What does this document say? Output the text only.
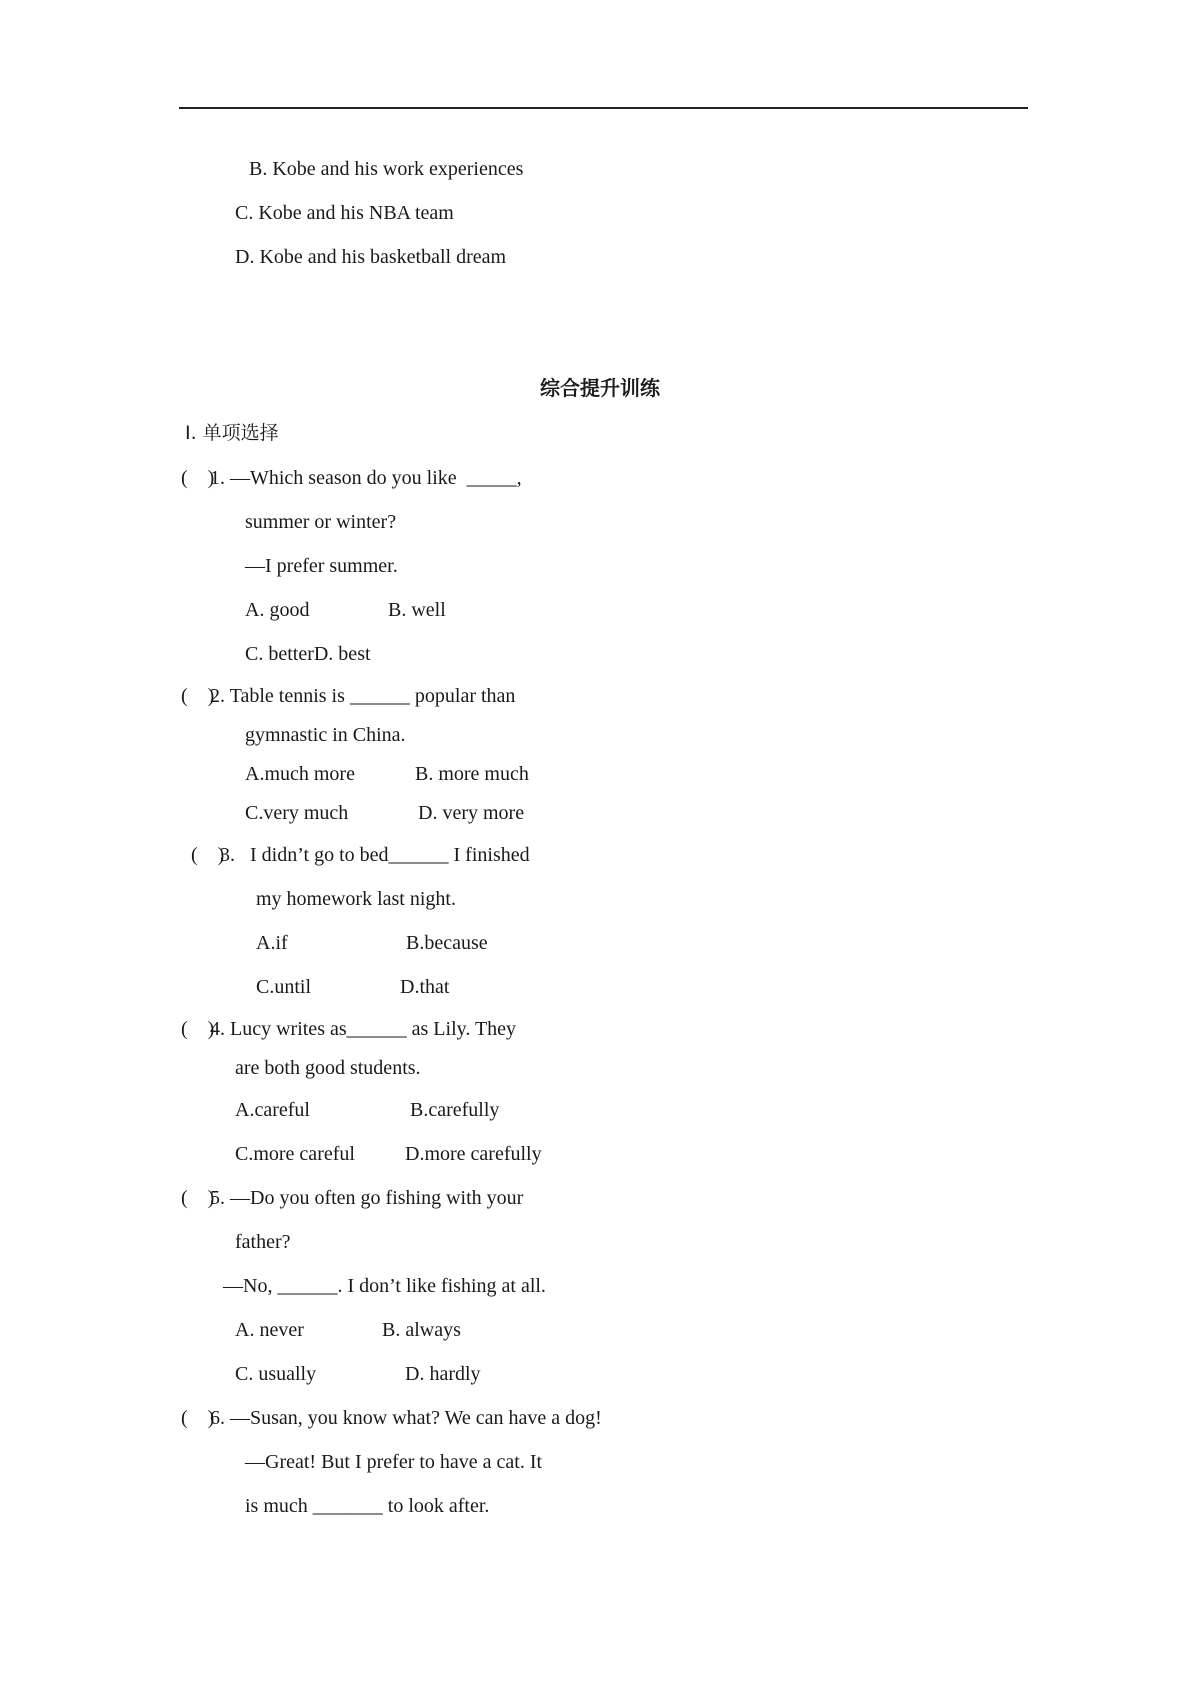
B. Kobe and his work experiences
C. Kobe and his NBA team
D. Kobe and his basketball dream
综合提升训练
Ⅰ. 单项选择
(    )
1. —Which season do you like  _____,
summer or winter?
—I prefer summer.
A. good	B. well
C. betterD. best
(    )
2. Table tennis is ______ popular than
gymnastic in China.
A.much more	B. more much
C.very much	D. very more
(    )
3.   I didn’t go to bed______ I finished
my homework last night.
A.if	B.because
C.until	D.that
(    )
4. Lucy writes as______ as Lily. They
are both good students.
A.careful	B.carefully
C.more careful	D.more carefully
(    )
5. —Do you often go fishing with your
father?
—No, ______. I don’t like fishing at all.
A. never	B. always
C. usually	D. hardly
(    )
6. —Susan, you know what? We can have a dog!
—Great! But I prefer to have a cat. It
is much _______ to look after.
